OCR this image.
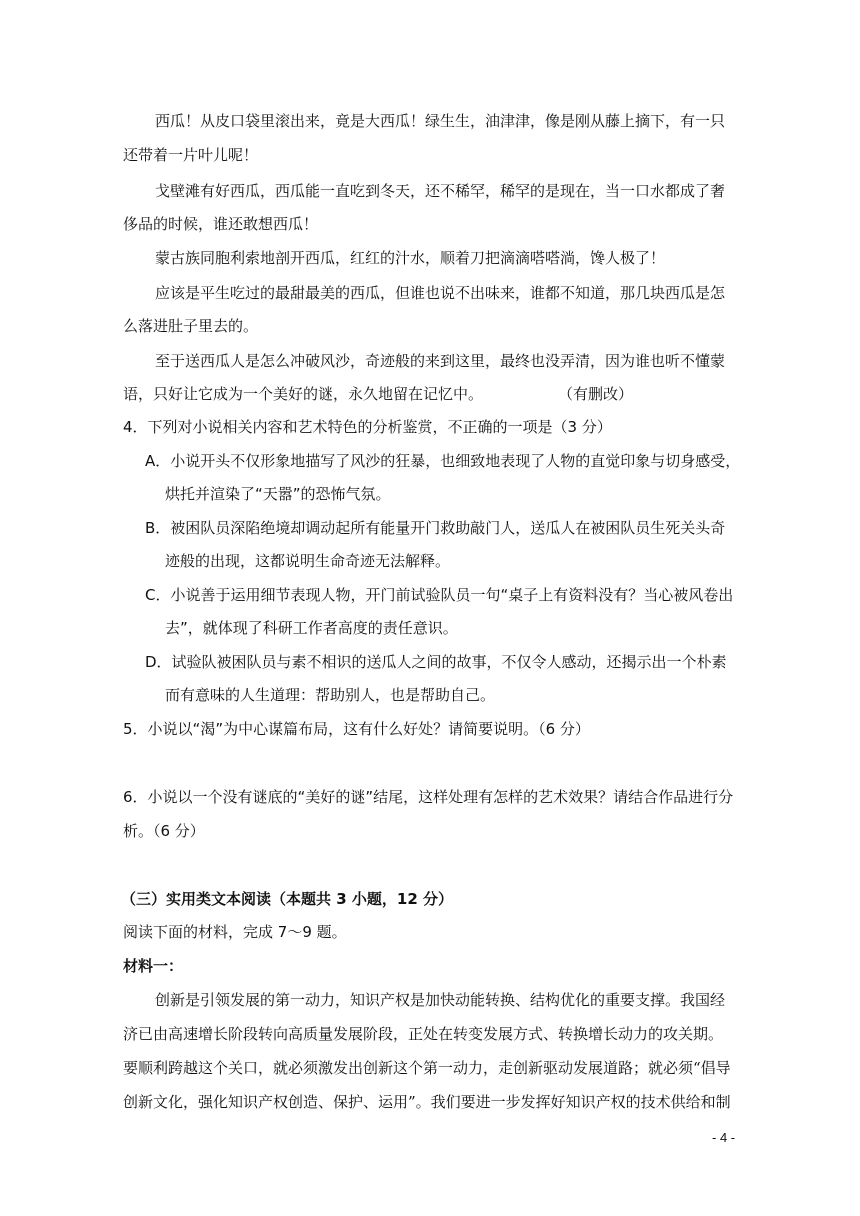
西瓜！从皮口袋里滚出来，竟是大西瓜！绿生生，油津津，像是刚从藤上摘下，有一只
还带着一片叶儿呢！
戈壁滩有好西瓜，西瓜能一直吃到冬天，还不稀罕，稀罕的是现在，当一口水都成了奢
侈品的时候，谁还敢想西瓜！
蒙古族同胞利索地剖开西瓜，红红的汁水，顺着刀把滴滴嗒嗒淌，馋人极了！
应该是平生吃过的最甜最美的西瓜，但谁也说不出味来，谁都不知道，那几块西瓜是怎
么落进肚子里去的。
至于送西瓜人是怎么冲破风沙，奇迹般的来到这里，最终也没弄清，因为谁也听不懂蒙
语，只好让它成为一个美好的谜，永久地留在记忆中。	（有删改）
4．下列对小说相关内容和艺术特色的分析鉴赏，不正确的一项是（3 分）
A．小说开头不仅形象地描写了风沙的狂暴，也细致地表现了人物的直觉印象与切身感受，
烘托并渲染了“天嚣”的恐怖气氛。
B．被困队员深陷绝境却调动起所有能量开门救助敲门人，送瓜人在被困队员生死关头奇
迹般的出现，这都说明生命奇迹无法解释。
C．小说善于运用细节表现人物，开门前试验队员一句“桌子上有资料没有？当心被风卷出
去”，就体现了科研工作者高度的责任意识。
D．试验队被困队员与素不相识的送瓜人之间的故事，不仅令人感动，还揭示出一个朴素
而有意味的人生道理：帮助别人，也是帮助自己。
5．小说以“渴”为中心谋篇布局，这有什么好处？请简要说明。（6 分）
6．小说以一个没有谜底的“美好的谜”结尾，这样处理有怎样的艺术效果？请结合作品进行分
析。（6 分）
（三）实用类文本阅读（本题共 3 小题，12 分）
阅读下面的材料，完成 7～9 题。
材料一：
创新是引领发展的第一动力，知识产权是加快动能转换、结构优化的重要支撑。我国经
济已由高速增长阶段转向高质量发展阶段，正处在转变发展方式、转换增长动力的攻关期。
要顺利跨越这个关口，就必须激发出创新这个第一动力，走创新驱动发展道路；就必须“倡导
创新文化，强化知识产权创造、保护、运用”。我们要进一步发挥好知识产权的技术供给和制
- 4 -
